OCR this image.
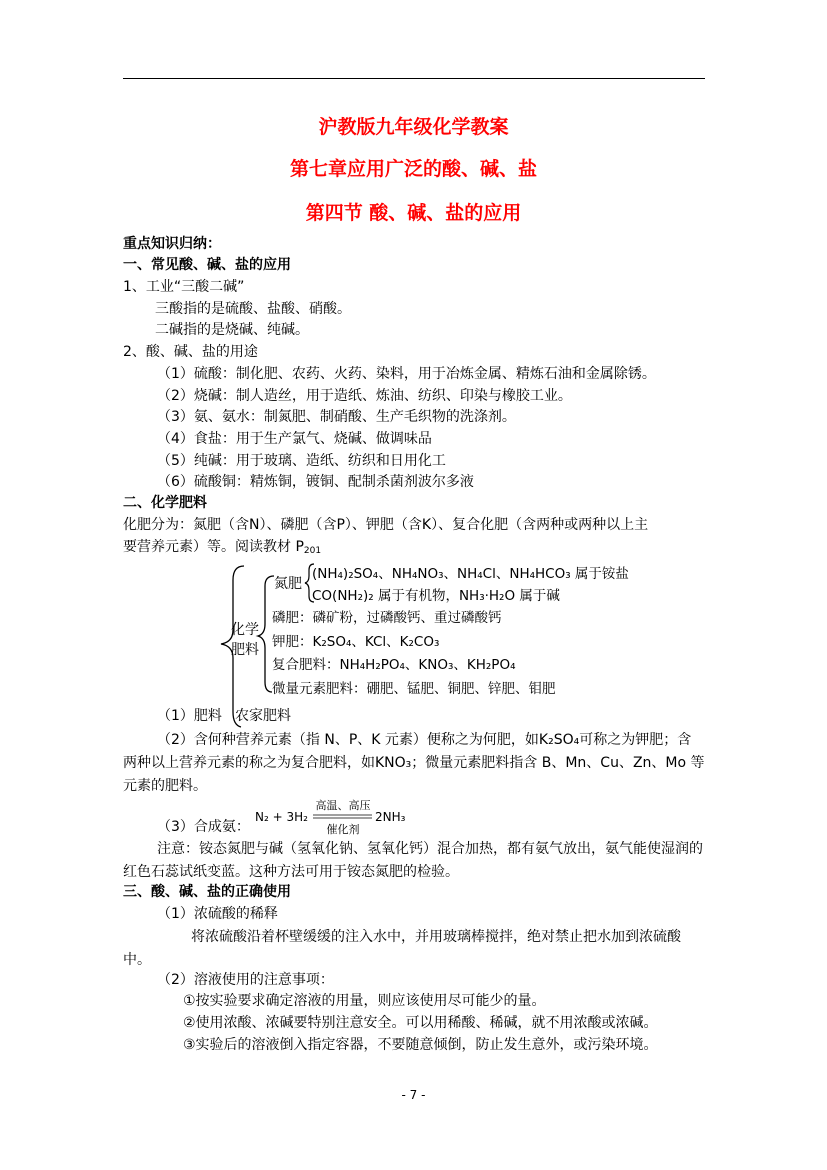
沪教版九年级化学教案
第七章应用广泛的酸、碱、盐
第四节 酸、碱、盐的应用
重点知识归纳：
一、常见酸、碱、盐的应用
1、工业“三酸二碱”
三酸指的是硫酸、盐酸、硝酸。
二碱指的是烧碱、纯碱。
2、酸、碱、盐的用途
（1）硫酸：制化肥、农药、火药、染料，用于冶炼金属、精炼石油和金属除锈。
（2）烧碱：制人造丝，用于造纸、炼油、纺织、印染与橡胶工业。
（3）氨、氨水：制氮肥、制硝酸、生产毛织物的洗涤剂。
（4）食盐：用于生产氯气、烧碱、做调味品
（5）纯碱：用于玻璃、造纸、纺织和日用化工
（6）硫酸铜：精炼铜，镀铜、配制杀菌剂波尔多液
二、化学肥料
化肥分为：氮肥（含N）、磷肥（含P）、钾肥（含K）、复合化肥（含两种或两种以上主
要营养元素）等。阅读教材 $P_{201}$
化学
肥料
氮肥
(NH₄)₂SO₄、NH₄NO₃、NH₄Cl、NH₄HCO₃ 属于铵盐
CO(NH₂)₂ 属于有机物，NH₃·H₂O 属于碱
磷肥：磷矿粉，过磷酸钙、重过磷酸钙
钾肥：K₂SO₄、KCl、K₂CO₃
复合肥料：NH₄H₂PO₄、KNO₃、KH₂PO₄
微量元素肥料：硼肥、锰肥、铜肥、锌肥、钼肥
农家肥料
（1）肥料
（2）含何种营养元素（指 N、P、K 元素）便称之为何肥，如K₂SO₄可称之为钾肥；含两种以上营养元素的称之为复合肥料，如KNO₃；微量元素肥料指含 B、Mn、Cu、Zn、Mo 等元素的肥料。
（3）合成氨：
N₂ + 3H₂
高温、高压
催化剂
2NH₃
注意：铵态氮肥与碱（氢氧化钠、氢氧化钙）混合加热，都有氨气放出，氨气能使湿润的红色石蕊试纸变蓝。这种方法可用于铵态氮肥的检验。
三、酸、碱、盐的正确使用
（1）浓硫酸的稀释
将浓硫酸沿着杯壁缓缓的注入水中，并用玻璃棒搅拌，绝对禁止把水加到浓硫酸中。
（2）溶液使用的注意事项：
①按实验要求确定溶液的用量，则应该使用尽可能少的量。
②使用浓酸、浓碱要特别注意安全。可以用稀酸、稀碱，就不用浓酸或浓碱。
③实验后的溶液倒入指定容器，不要随意倾倒，防止发生意外，或污染环境。
- 7 -
